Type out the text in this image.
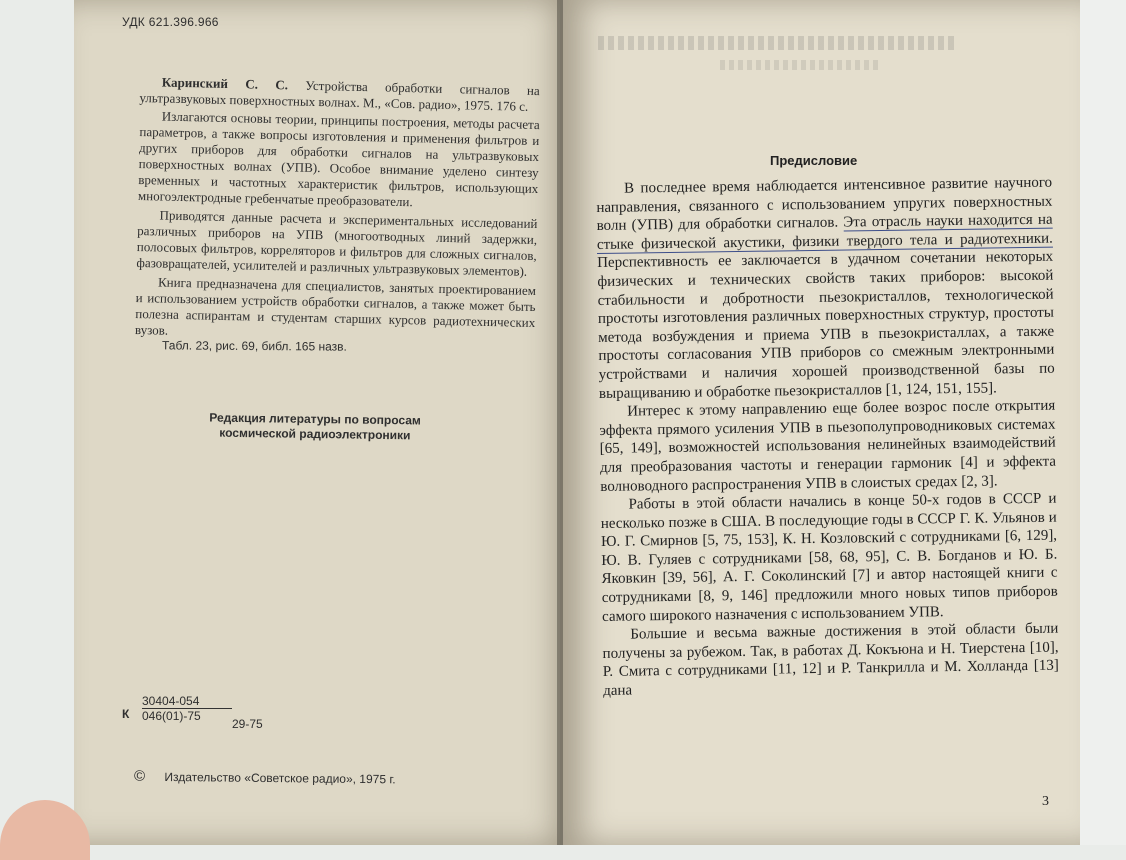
УДК 621.396.966
Каринский С. С. Устройства обработки сигналов на ультразвуковых поверхностных волнах. М., «Сов. радио», 1975. 176 с.

Излагаются основы теории, принципы построения, методы расчета параметров, а также вопросы изготовления и применения фильтров и других приборов для обработки сигналов на ультразвуковых поверхностных волнах (УПВ). Особое внимание уделено синтезу временных и частотных характеристик фильтров, использующих многоэлектродные гребенчатые преобразователи.

Приводятся данные расчета и экспериментальных исследований различных приборов на УПВ (многоотводных линий задержки, полосовых фильтров, корреляторов и фильтров для сложных сигналов, фазовращателей, усилителей и различных ультразвуковых элементов).

Книга предназначена для специалистов, занятых проектированием и использованием устройств обработки сигналов, а также может быть полезна аспирантам и студентам старших курсов радиотехнических вузов.

Табл. 23, рис. 69, библ. 165 назв.
Редакция литературы по вопросам космической радиоэлектроники
К $\frac{30404-054}{046(01)-75}$
29-75
© Издательство «Советское радио», 1975 г.
Предисловие

В последнее время наблюдается интенсивное развитие научного направления, связанного с использованием упругих поверхностных волн (УПВ) для обработки сигналов. Эта отрасль науки находится на стыке физической акустики, физики твердого тела и радиотехники. Перспективность ее заключается в удачном сочетании некоторых физических и технических свойств таких приборов: высокой стабильности и добротности пьезокристаллов, технологической простоты изготовления различных поверхностных структур, простоты метода возбуждения и приема УПВ в пьезокристаллах, а также простоты согласования УПВ приборов со смежным электронными устройствами и наличия хорошей производственной базы по выращиванию и обработке пьезокристаллов [1, 124, 151, 155].

Интерес к этому направлению еще более возрос после открытия эффекта прямого усиления УПВ в пьезополупроводниковых системах [65, 149], возможностей использования нелинейных взаимодействий для преобразования частоты и генерации гармоник [4] и эффекта волноводного распространения УПВ в слоистых средах [2, 3].

Работы в этой области начались в конце 50-х годов в СССР и несколько позже в США. В последующие годы в СССР Г. К. Ульянов и Ю. Г. Смирнов [5, 75, 153], К. Н. Козловский с сотрудниками [6, 129], Ю. В. Гуляев с сотрудниками [58, 68, 95], С. В. Богданов и Ю. Б. Яковкин [39, 56], А. Г. Соколинский [7] и автор настоящей книги с сотрудниками [8, 9, 146] предложили много новых типов приборов самого широкого назначения с использованием УПВ.

Большие и весьма важные достижения в этой области были получены за рубежом. Так, в работах Д. Кокъюна и Н. Тиерстена [10], Р. Смита с сотрудниками [11, 12] и Р. Танкрилла и М. Холланда [13] дана

3
